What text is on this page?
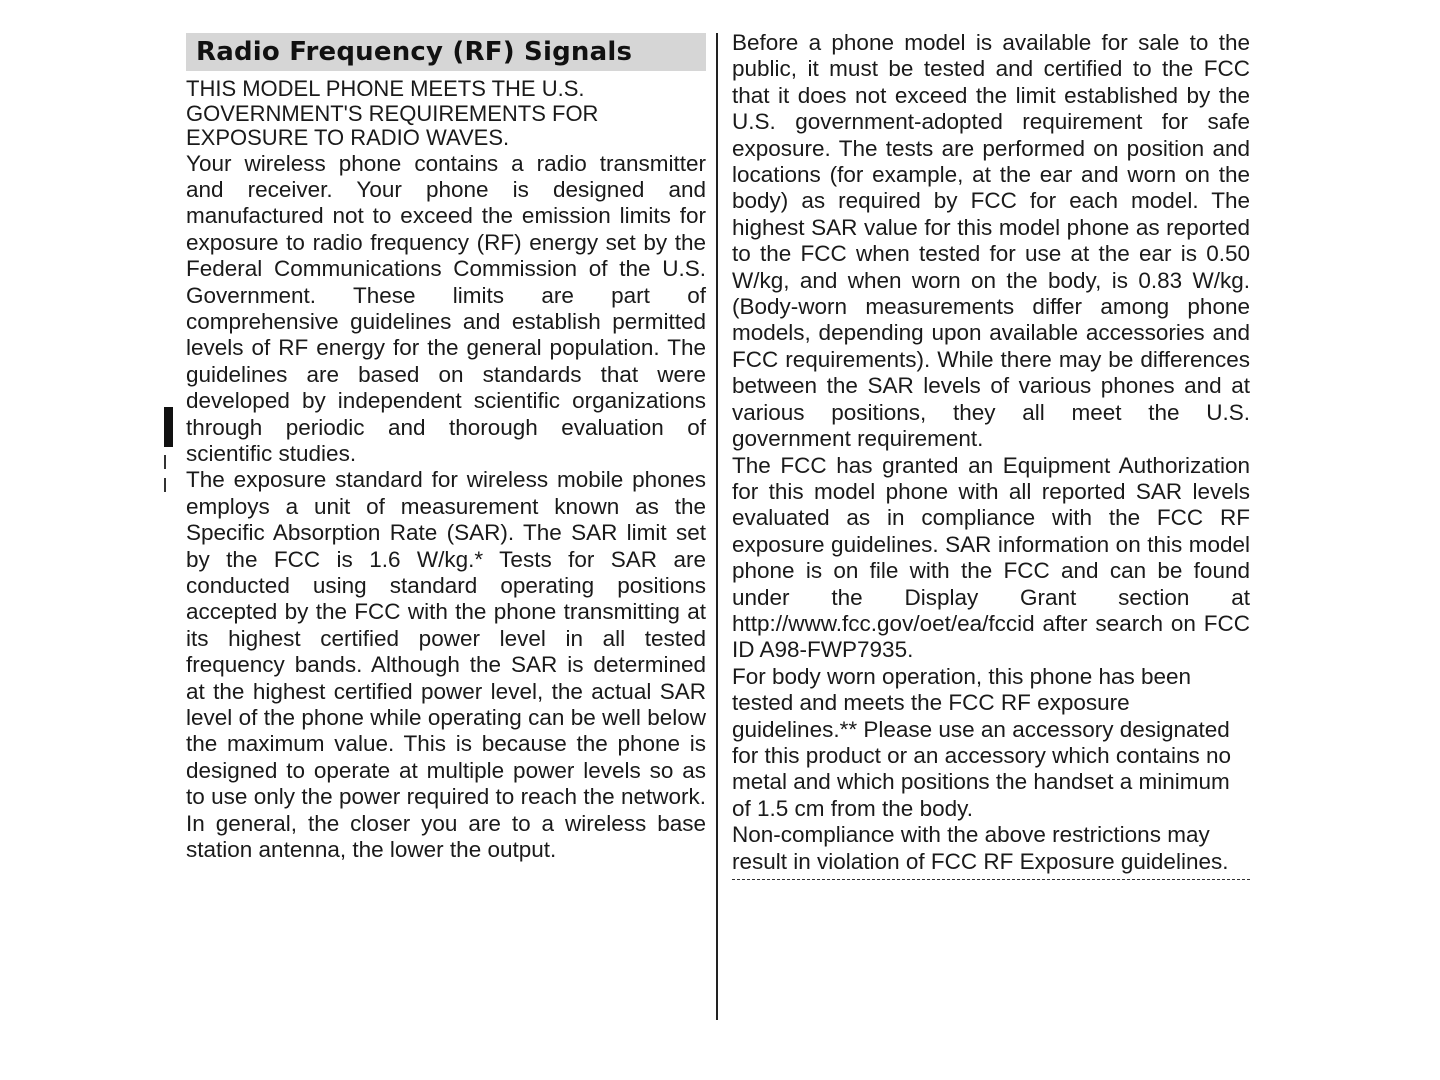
Radio Frequency (RF) Signals

THIS MODEL PHONE MEETS THE U.S. GOVERNMENT'S REQUIREMENTS FOR EXPOSURE TO RADIO WAVES.

Your wireless phone contains a radio transmitter and receiver. Your phone is designed and manufactured not to exceed the emission limits for exposure to radio frequency (RF) energy set by the Federal Communications Commission of the U.S. Government. These limits are part of comprehensive guidelines and establish permitted levels of RF energy for the general population. The guidelines are based on standards that were developed by independent scientific organizations through periodic and thorough evaluation of scientific studies.

The exposure standard for wireless mobile phones employs a unit of measurement known as the Specific Absorption Rate (SAR). The SAR limit set by the FCC is 1.6 W/kg.* Tests for SAR are conducted using standard operating positions accepted by the FCC with the phone transmitting at its highest certified power level in all tested frequency bands. Although the SAR is determined at the highest certified power level, the actual SAR level of the phone while operating can be well below the maximum value. This is because the phone is designed to operate at multiple power levels so as to use only the power required to reach the network. In general, the closer you are to a wireless base station antenna, the lower the output.

Before a phone model is available for sale to the public, it must be tested and certified to the FCC that it does not exceed the limit established by the U.S. government-adopted requirement for safe exposure. The tests are performed on position and locations (for example, at the ear and worn on the body) as required by FCC for each model. The highest SAR value for this model phone as reported to the FCC when tested for use at the ear is 0.50 W/kg, and when worn on the body, is 0.83 W/kg. (Body-worn measurements differ among phone models, depending upon available accessories and FCC requirements). While there may be differences between the SAR levels of various phones and at various positions, they all meet the U.S. government requirement.

The FCC has granted an Equipment Authorization for this model phone with all reported SAR levels evaluated as in compliance with the FCC RF exposure guidelines. SAR information on this model phone is on file with the FCC and can be found under the Display Grant section at http://www.fcc.gov/oet/ea/fccid after search on FCC ID A98-FWP7935.

For body worn operation, this phone has been tested and meets the FCC RF exposure guidelines.** Please use an accessory designated for this product or an accessory which contains no metal and which positions the handset a minimum of 1.5 cm from the body.

Non-compliance with the above restrictions may result in violation of FCC RF Exposure guidelines.
